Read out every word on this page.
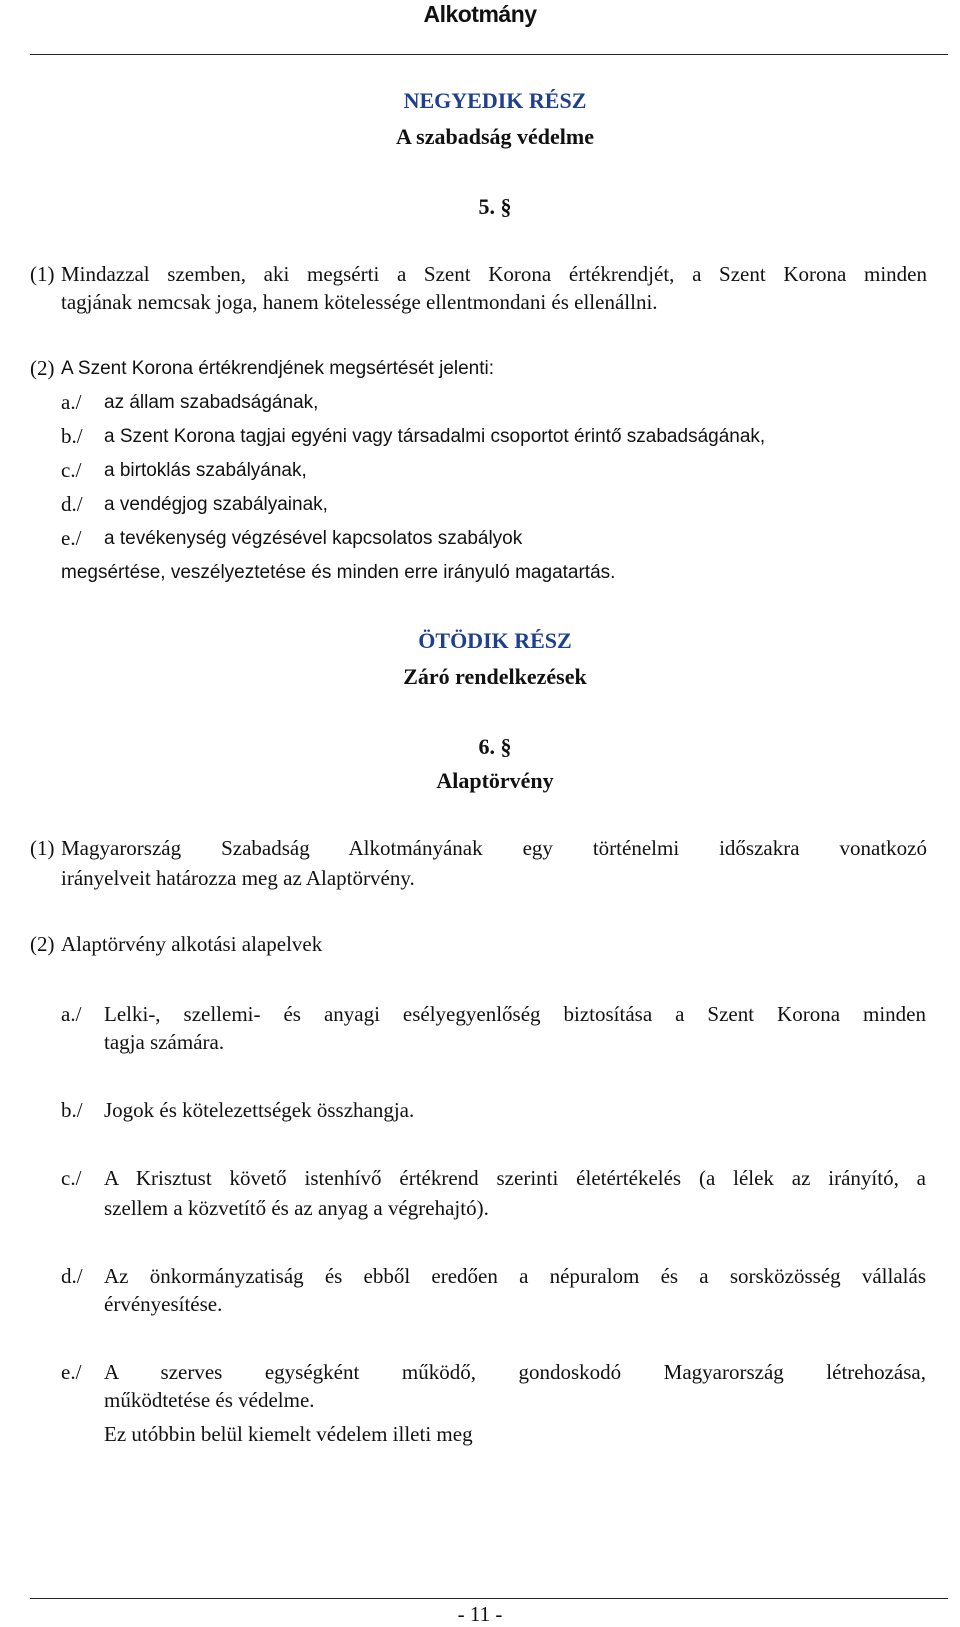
Alkotmány
NEGYEDIK RÉSZ
A szabadság védelme
5. §
(1) Mindazzal szemben, aki megsérti a Szent Korona értékrendjét, a Szent Korona minden
tagjának nemcsak joga, hanem kötelessége ellentmondani és ellenállni.
(2) A Szent Korona értékrendjének megsértését jelenti:
a./ az állam szabadságának,
b./ a Szent Korona tagjai egyéni vagy társadalmi csoportot érintő szabadságának,
c./ a birtoklás szabályának,
d./ a vendégjog szabályainak,
e./ a tevékenység végzésével kapcsolatos szabályok
megsértése, veszélyeztetése és minden erre irányuló magatartás.
ÖTÖDIK RÉSZ
Záró rendelkezések
6. §
Alaptörvény
(1) Magyarország Szabadság Alkotmányának egy történelmi időszakra vonatkozó
irányelveit határozza meg az Alaptörvény.
(2) Alaptörvény alkotási alapelvek
a./ Lelki-, szellemi- és anyagi esélyegyenlőség biztosítása a Szent Korona minden
tagja számára.
b./ Jogok és kötelezettségek összhangja.
c./ A Krisztust követő istenhívő értékrend szerinti életértékelés (a lélek az irányító, a
szellem a közvetítő és az anyag a végrehajtó).
d./ Az önkormányzatiság és ebből eredően a népuralom és a sorsközösség vállalás
érvényesítése.
e./ A szerves egységként működő, gondoskodó Magyarország létrehozása,
működtetése és védelme.
Ez utóbbin belül kiemelt védelem illeti meg
- 11 -
